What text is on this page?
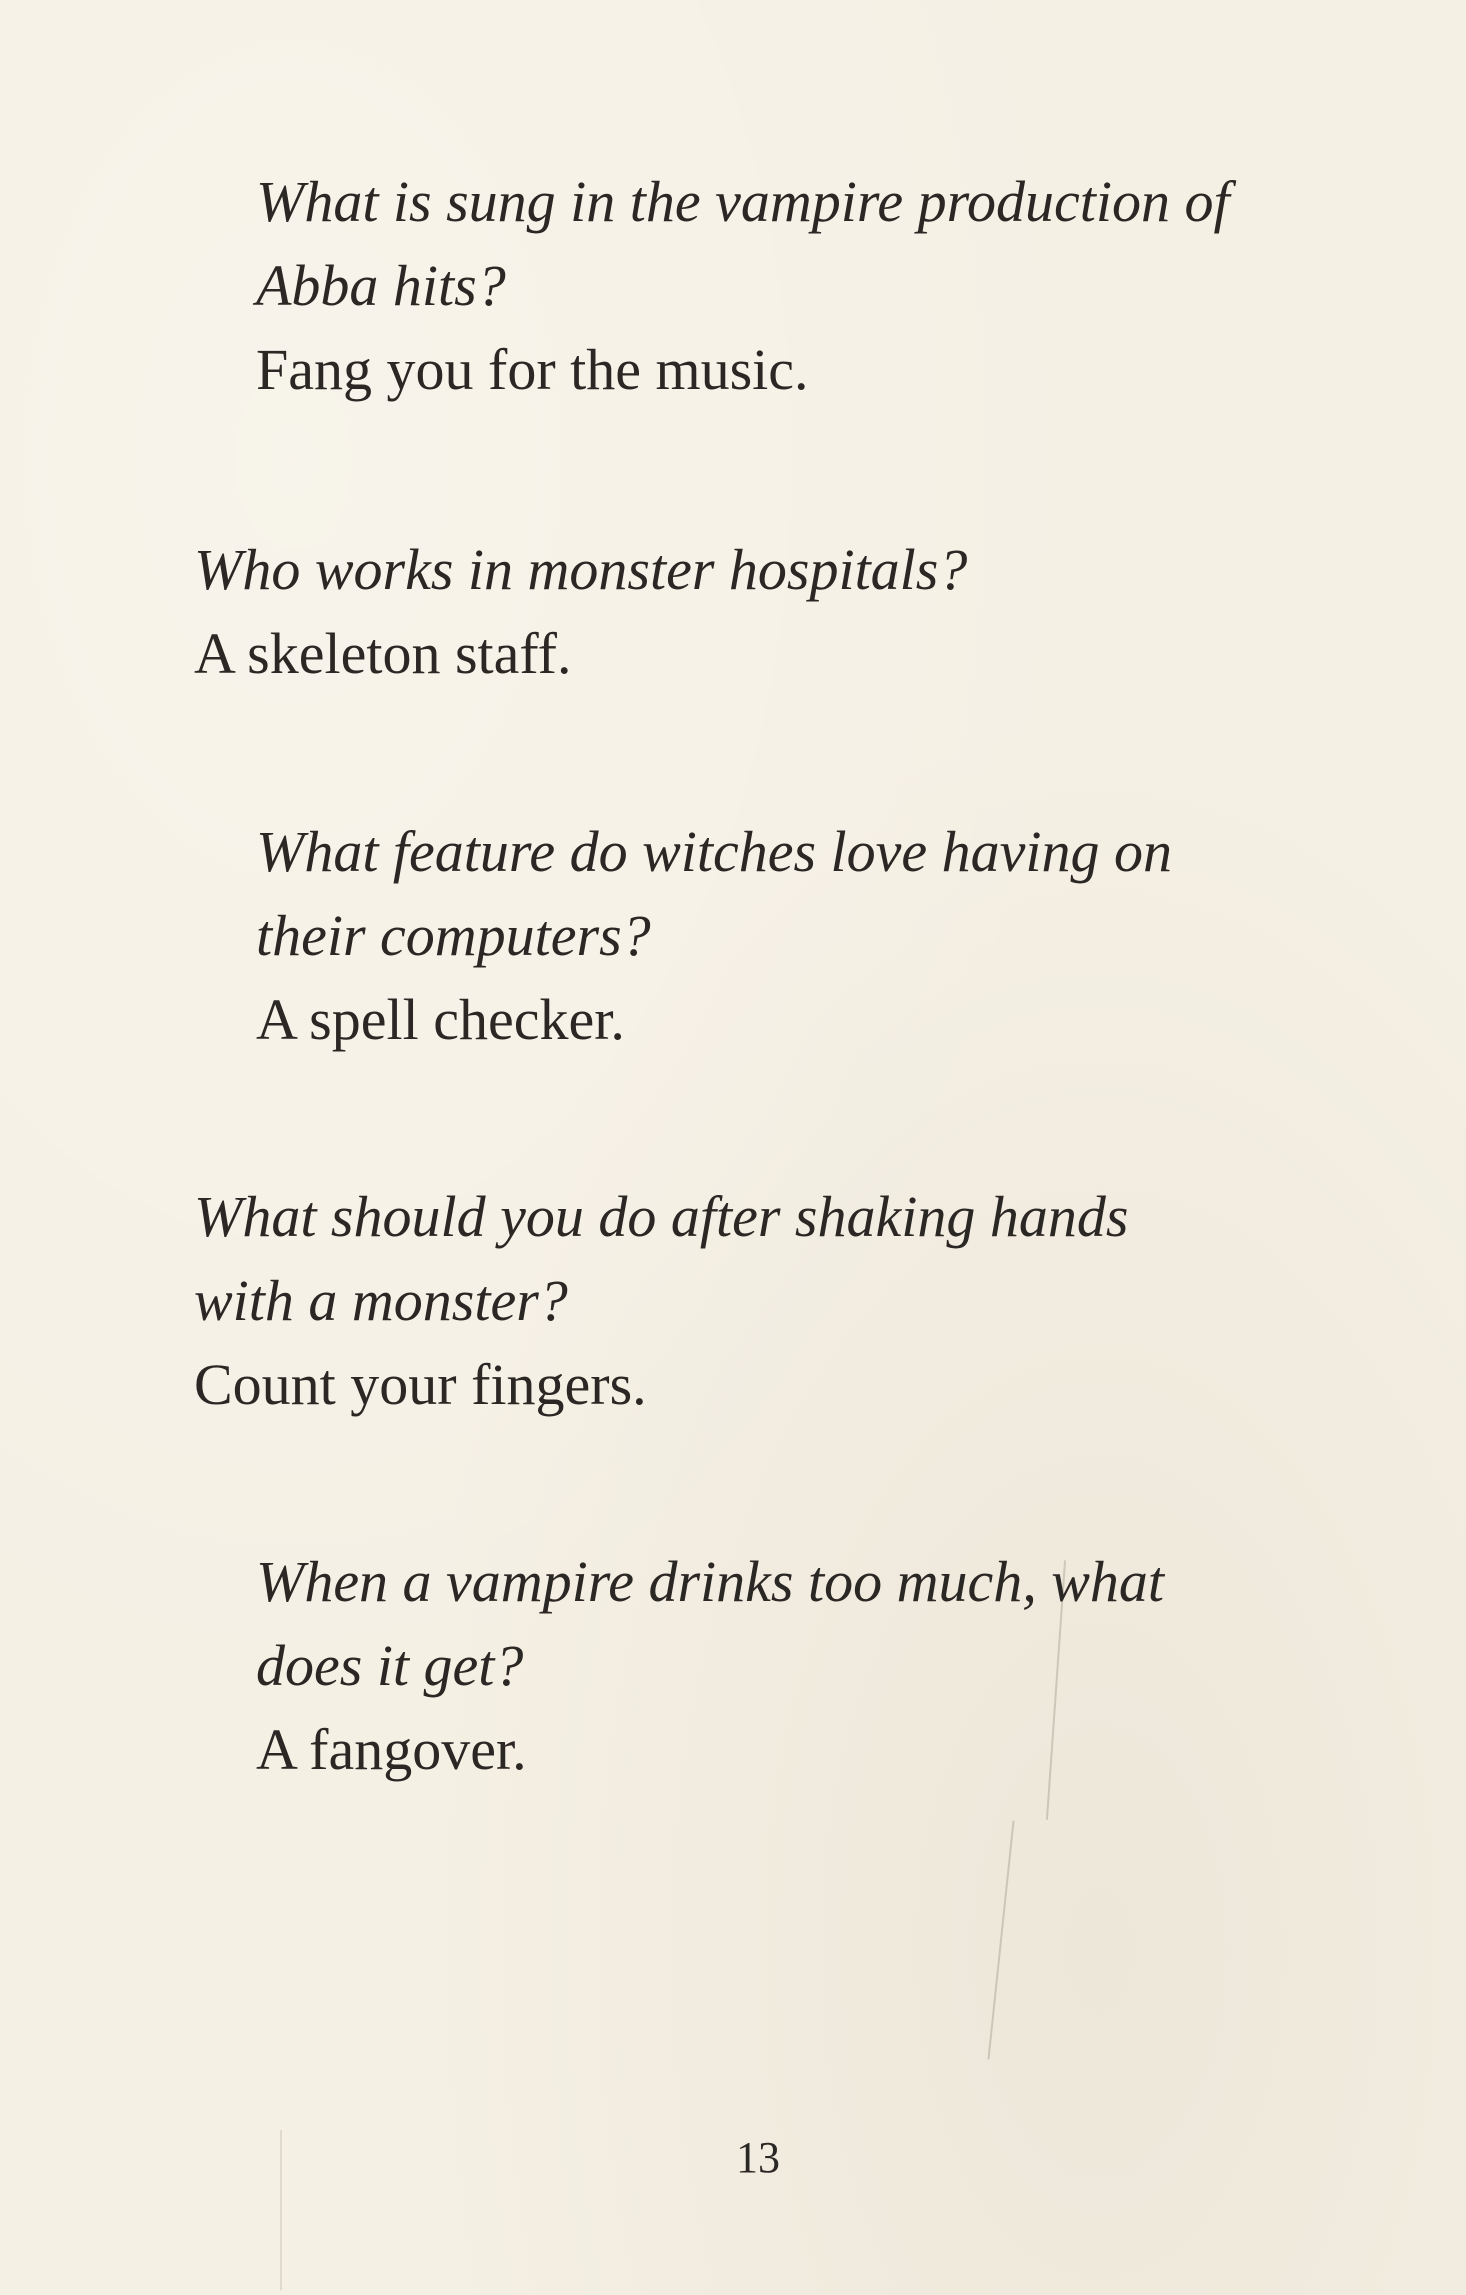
What is sung in the vampire production of

Abba hits?

Fang you for the music.

Who works in monster hospitals?

A skeleton staff.

What feature do witches love having on

their computers?

A spell checker.

What should you do after shaking hands

with a monster?

Count your fingers.

When a vampire drinks too much, what

does it get?

A fangover.

13
